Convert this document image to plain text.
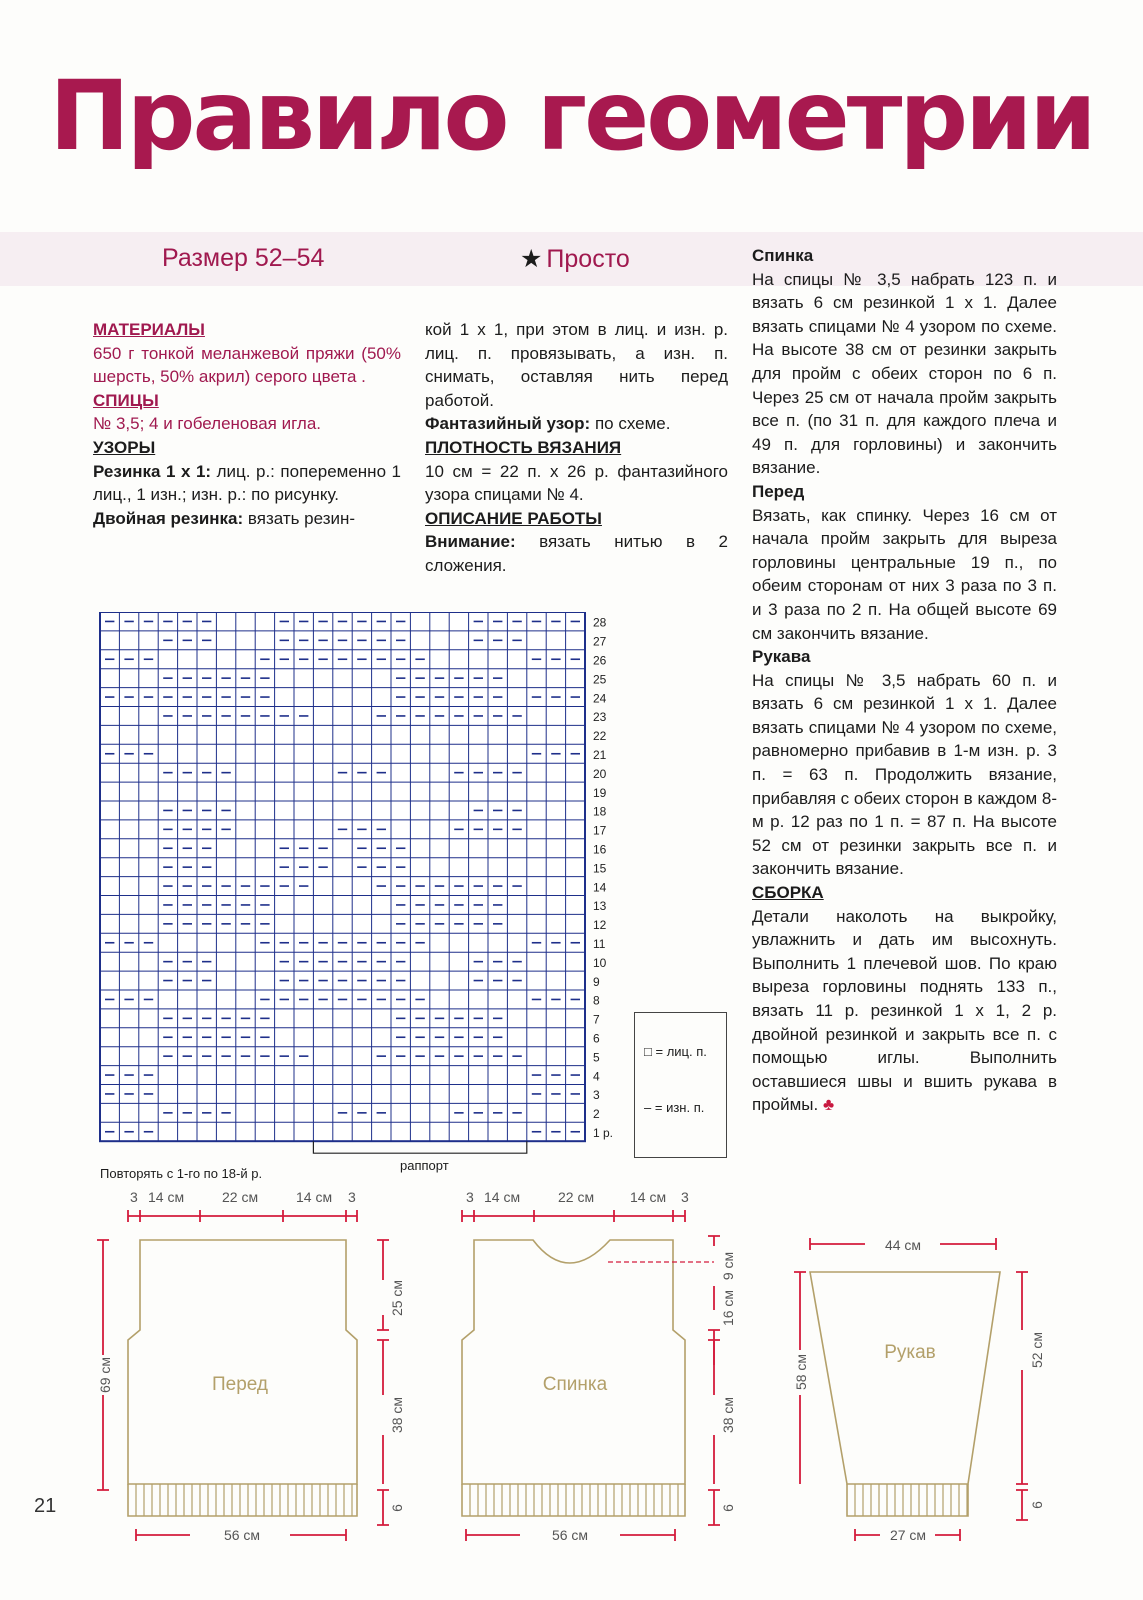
Правило геометрии
Размер 52–54	★ Просто

МАТЕРИАЛЫ

650 г тонкой меланжевой пряжи (50% шерсть, 50% акрил) серого цвета .

СПИЦЫ

№ 3,5; 4 и гобеленовая игла.

УЗОРЫ

Резинка 1 х 1: лиц. р.: попеременно 1 лиц., 1 изн.; изн. р.: по рисунку.

Двойная резинка: вязать резин-

кой 1 х 1, при этом в лиц. и изн. р. лиц. п. провязывать, а изн. п. снимать, оставляя нить перед работой.

Фантазийный узор: по схеме.

ПЛОТНОСТЬ ВЯЗАНИЯ

10 см = 22 п. х 26 р. фантазийного узора спицами № 4.

ОПИСАНИЕ РАБОТЫ

Внимание: вязать нитью в 2 сложения.

Спинка

На спицы № 3,5 набрать 123 п. и вязать 6 см резинкой 1 х 1. Далее вязать спицами № 4 узором по схеме. На высоте 38 см от резинки закрыть для пройм с обеих сторон по 6 п. Через 25 см от начала пройм закрыть все п. (по 31 п. для каждого плеча и 49 п. для горловины) и закончить вязание.

Перед

Вязать, как спинку. Через 16 см от начала пройм закрыть для выреза горловины центральные 19 п., по обеим сторонам от них 3 раза по 3 п. и 3 раза по 2 п. На общей высоте 69 см закончить вязание.

Рукава

На спицы № 3,5 набрать 60 п. и вязать 6 см резинкой 1 х 1. Далее вязать спицами № 4 узором по схеме, равномерно прибавив в 1-м изн. р. 3 п. = 63 п. Продолжить вязание, прибавляя с обеих сторон в каждом 8-м р. 12 раз по 1 п. = 87 п. На высоте 52 см от резинки закрыть все п. и закончить вязание.

СБОРКА

Детали наколоть на выкройку, увлажнить и дать им высохнуть. Выполнить 1 плечевой шов. По краю выреза горловины поднять 133 п., вязать 11 р. резинкой 1 х 1, 2 р. двойной резинкой и закрыть все п. с помощью иглы. Выполнить оставшиеся швы и вшить рукава в проймы. ♣

28
27
26
25
24
23
22
21
20
19
18
17
16
15
14
13
12
11
10
9
8
7
6
5
4
3
2
1 р.
□ = лиц. п.
– = изн. п.
Повторять с 1-го по 18-й р.
раппорт
3 14 см	22 см	14 см 3	3 14 см	22 см	14 см 3
Перед	Спинка
Рукав
69 см
25 см
38 см
6
9 см
16 см
38 см
6
56 см	56 см
44 см
58 см
52 см
6
27 см
21
